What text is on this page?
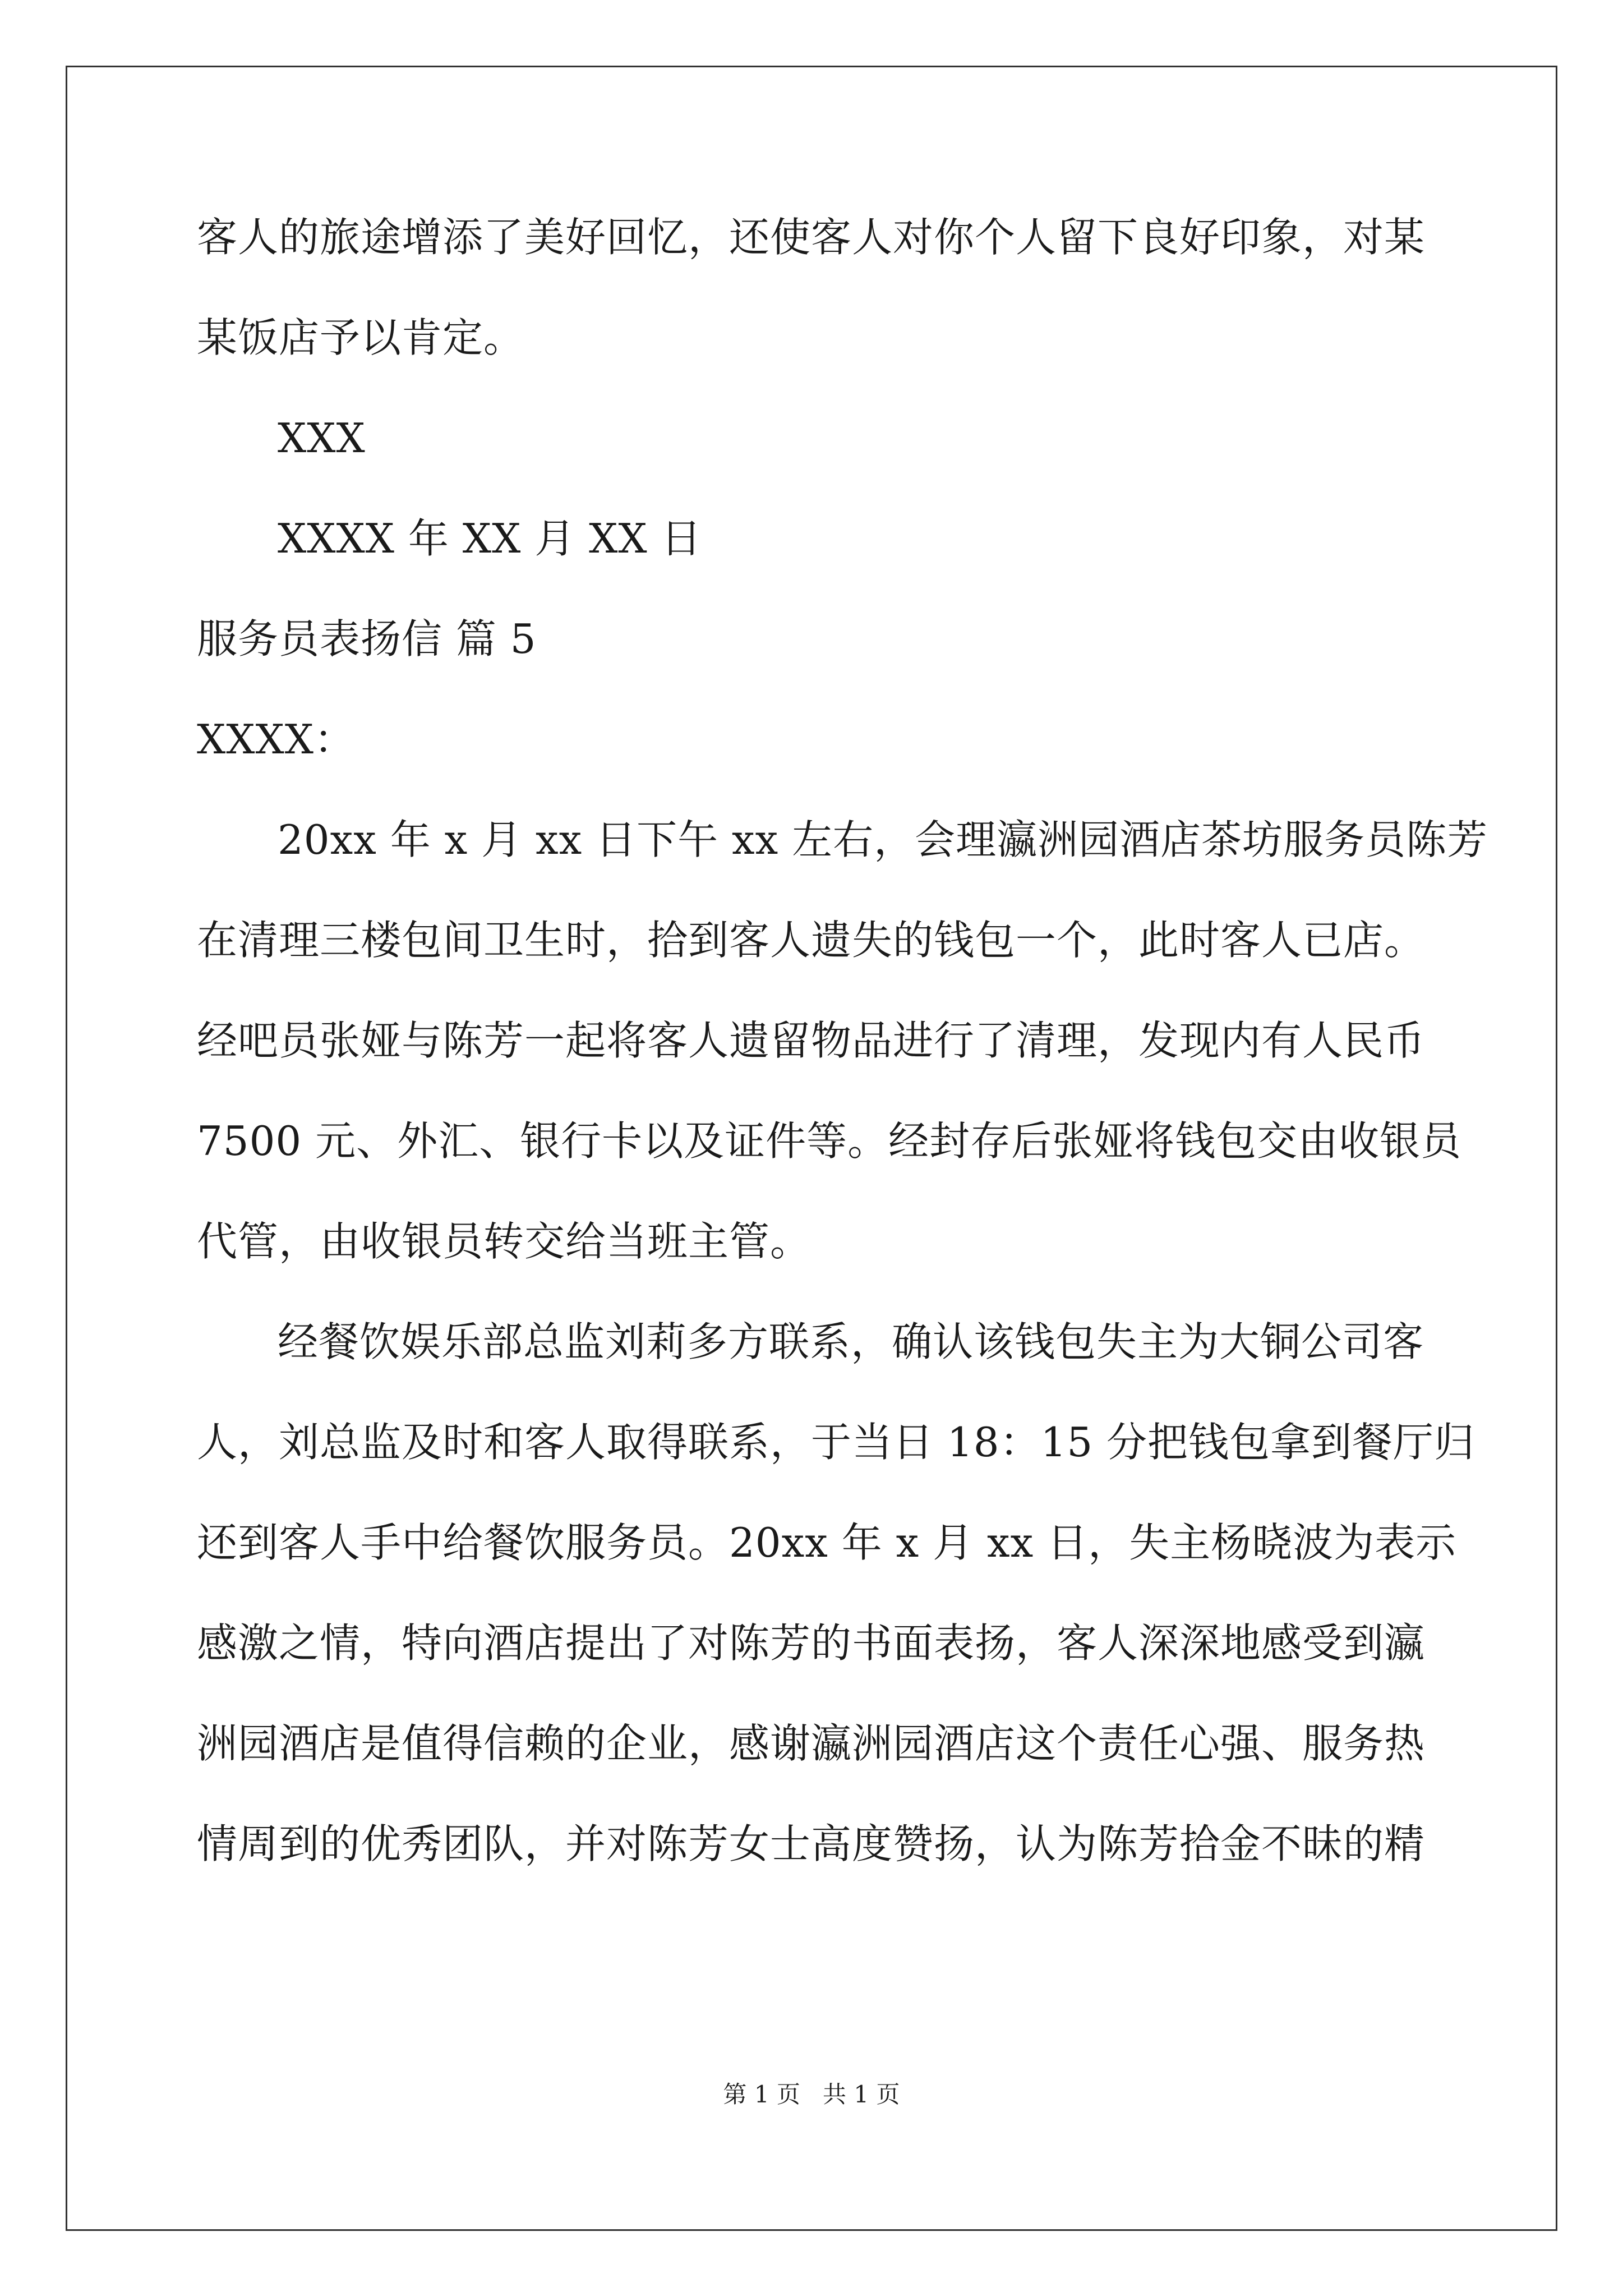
客人的旅途增添了美好回忆，还使客人对你个人留下良好印象，对某
某饭店予以肯定。
XXX
XXXX 年 XX 月 XX 日
服务员表扬信 篇 5
XXXX：
20xx 年 x 月 xx 日下午 xx 左右，会理瀛洲园酒店茶坊服务员陈芳
在清理三楼包间卫生时，拾到客人遗失的钱包一个，此时客人已店。
经吧员张娅与陈芳一起将客人遗留物品进行了清理，发现内有人民币
7500 元、外汇、银行卡以及证件等。经封存后张娅将钱包交由收银员
代管，由收银员转交给当班主管。
经餐饮娱乐部总监刘莉多方联系，确认该钱包失主为大铜公司客
人，刘总监及时和客人取得联系，于当日 18：15 分把钱包拿到餐厅归
还到客人手中给餐饮服务员。20xx 年 x 月 xx 日，失主杨晓波为表示
感激之情，特向酒店提出了对陈芳的书面表扬，客人深深地感受到瀛
洲园酒店是值得信赖的企业，感谢瀛洲园酒店这个责任心强、服务热
情周到的优秀团队，并对陈芳女士高度赞扬，认为陈芳拾金不昧的精
第 1 页   共 1 页
